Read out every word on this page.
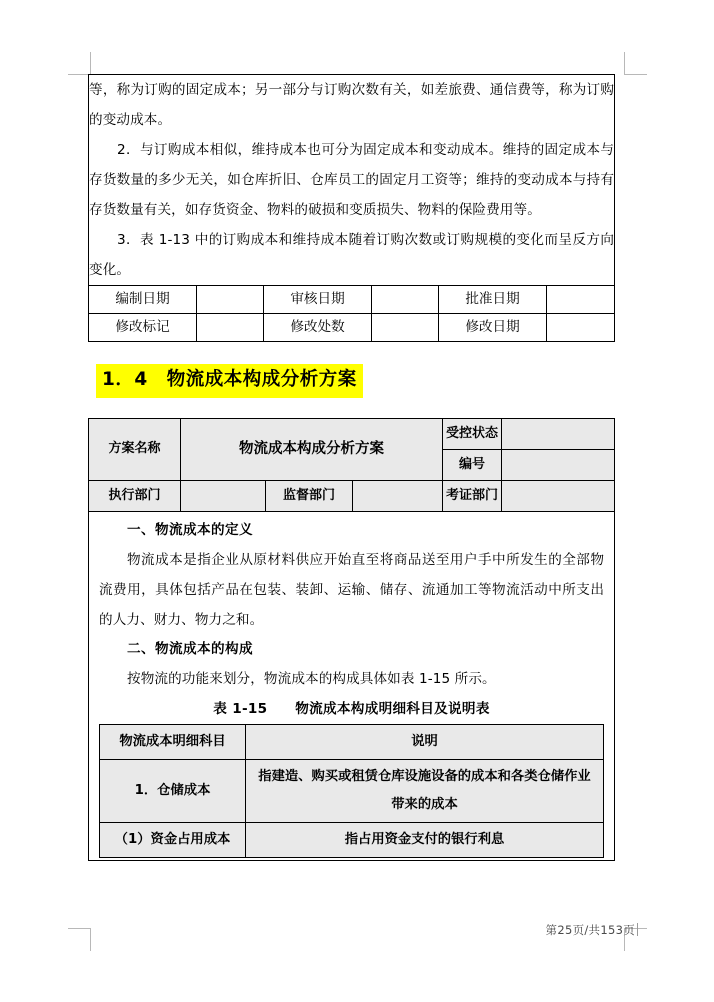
等，称为订购的固定成本；另一部分与订购次数有关，如差旅费、通信费等，称为订购的变动成本。

2．与订购成本相似，维持成本也可分为固定成本和变动成本。维持的固定成本与存货数量的多少无关，如仓库折旧、仓库员工的固定月工资等；维持的变动成本与持有存货数量有关，如存货资金、物料的破损和变质损失、物料的保险费用等。

3．表 1-13 中的订购成本和维持成本随着订购次数或订购规模的变化而呈反方向变化。					

编制日期		审核日期		批准日期	
修改标记		修改处数		修改日期	
1．4　物流成本构成分析方案
方案名称	物流成本构成分析方案	受控状态	
编号	
执行部门		监督部门		考证部门	

一、物流成本的定义

物流成本是指企业从原材料供应开始直至将商品送至用户手中所发生的全部物流费用，具体包括产品在包装、装卸、运输、储存、流通加工等物流活动中所支出的人力、财力、物力之和。

二、物流成本的构成

按物流的功能来划分，物流成本的构成具体如表 1-15 所示。

表 1-15　　物流成本构成明细科目及说明表

物流成本明细科目	说明
1．仓储成本	指建造、购买或租赁仓库设施设备的成本和各类仓储作业带来的成本
（1）资金占用成本	指占用资金支付的银行利息
第25页/共153页
